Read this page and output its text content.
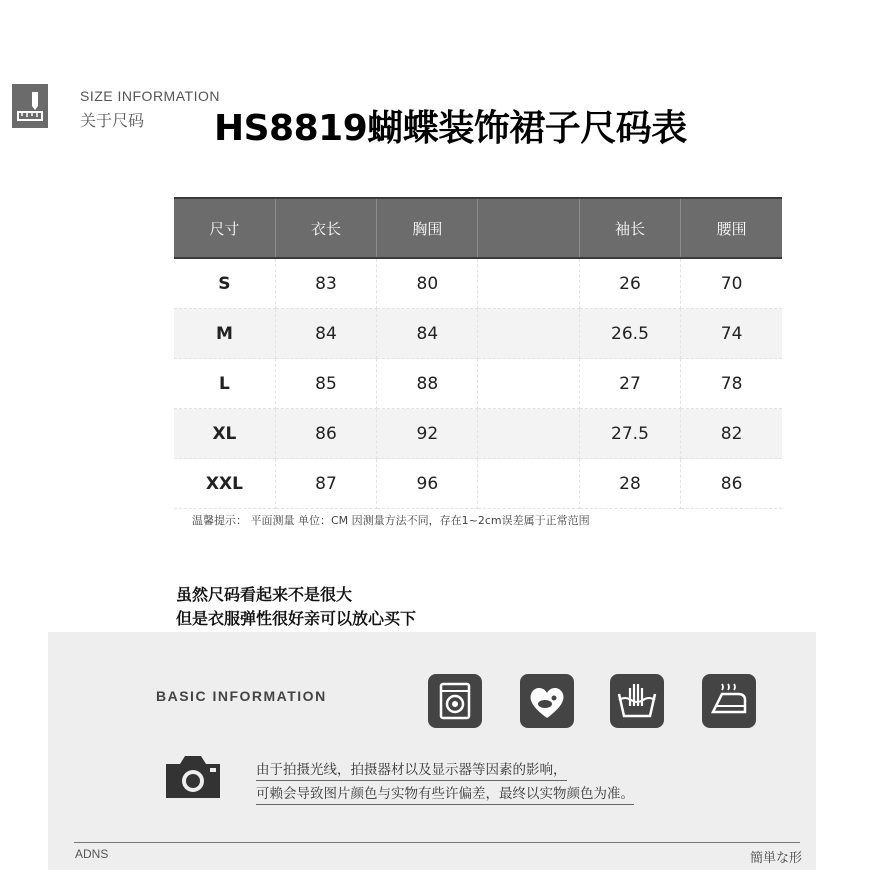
SIZE INFORMATION
关于尺码 HS8819蝴蝶装饰裙子尺码表
尺寸	衣长	胸围		袖长	腰围
S	83	80		26	70
M	84	84		26.5	74
L	85	88		27	78
XL	86	92		27.5	82
XXL	87	96		28	86
温馨提示： 平面测量 单位：CM 因测量方法不同，存在1~2cm误差属于正常范围
虽然尺码看起来不是很大
但是衣服弹性很好亲可以放心买下
BASIC INFORMATION
由于拍摄光线，拍摄器材以及显示器等因素的影响，
可赖会导致图片颜色与实物有些许偏差，最终以实物颜色为准。
ADNS	簡単な形
